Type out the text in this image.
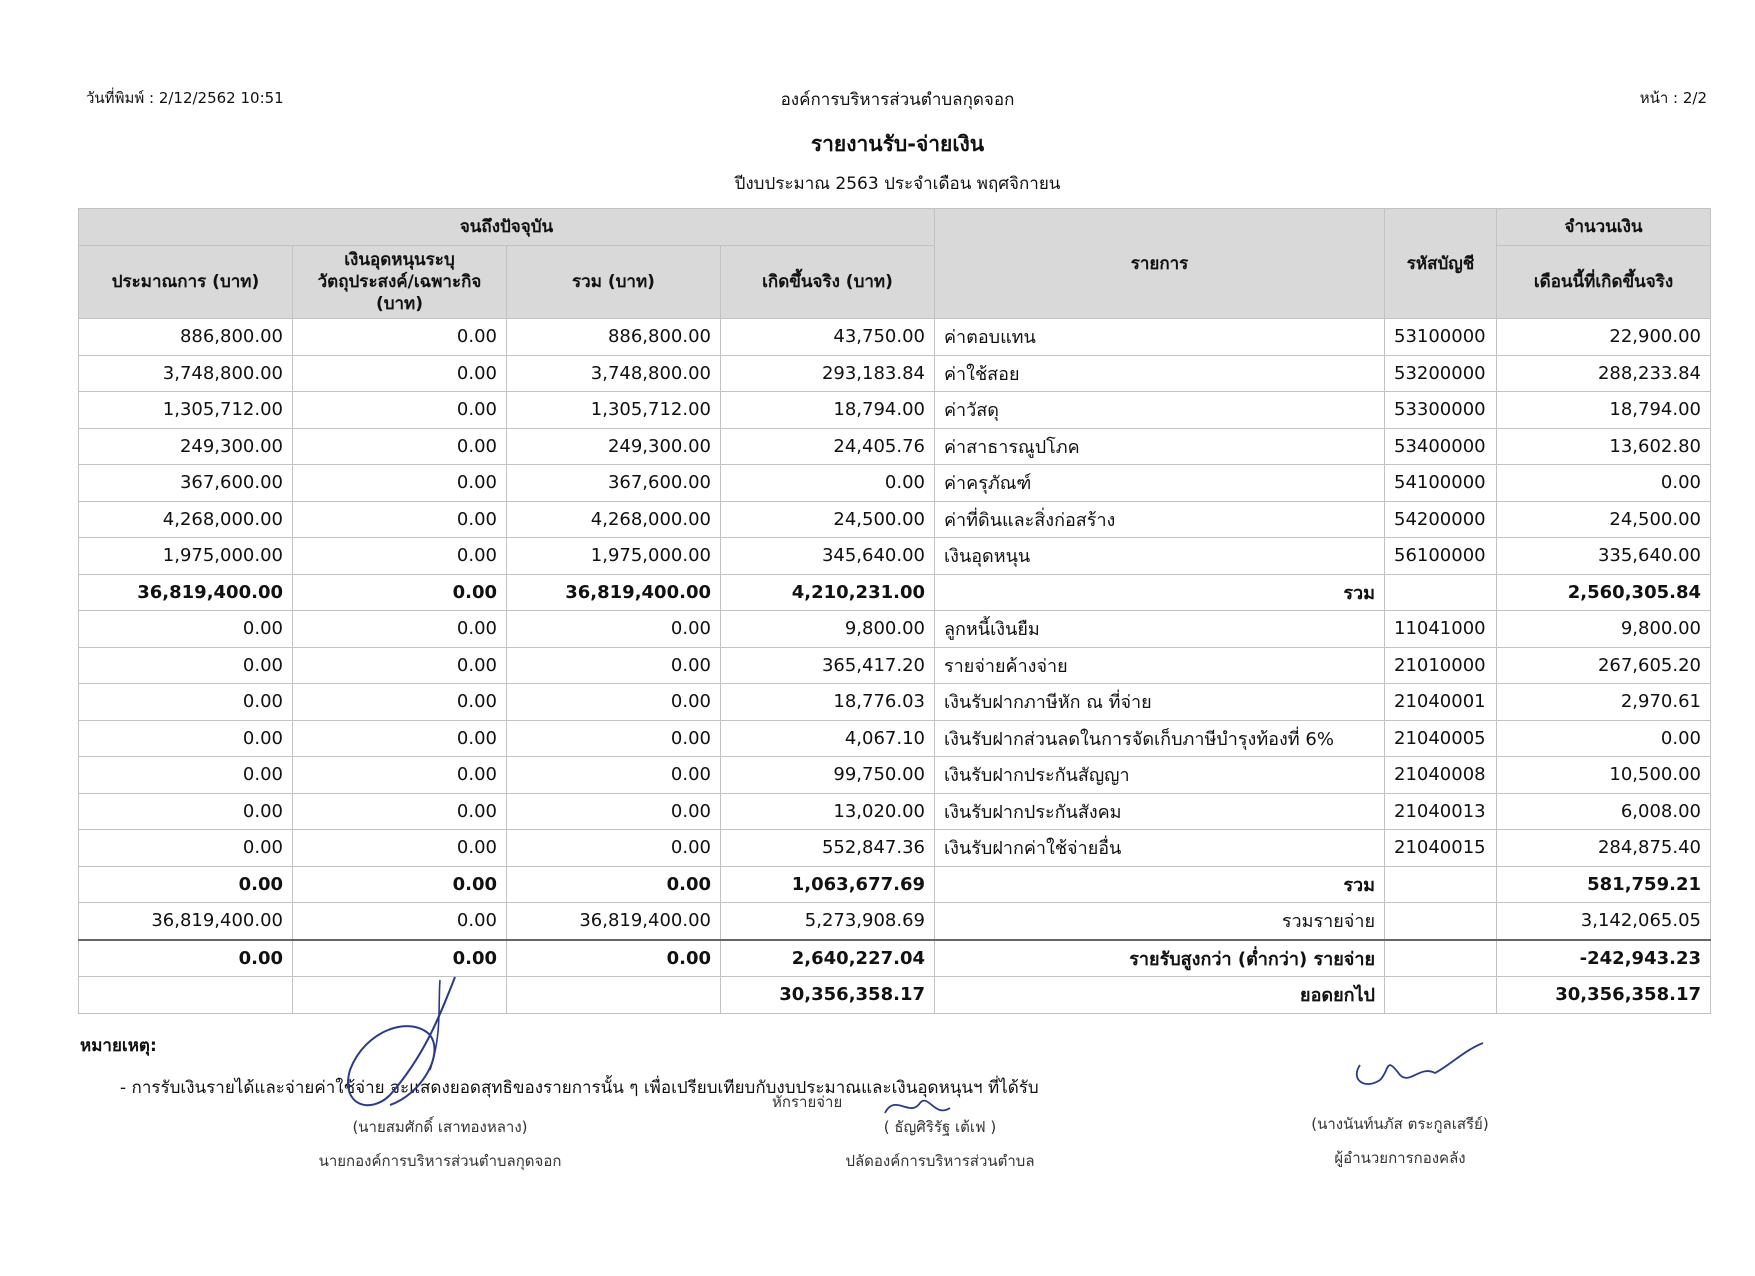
วันที่พิมพ์ : 2/12/2562 10:51	องค์การบริหารส่วนตำบลกุดจอก	หน้า : 2/2
รายงานรับ-จ่ายเงิน
ปีงบประมาณ 2563 ประจำเดือน พฤศจิกายน
จนถึงปัจจุบัน				รายการ	รหัสบัญชี	จำนวนเงิน
ประมาณการ (บาท)	เงินอุดหนุนระบุวัตถุประสงค์/เฉพาะกิจ (บาท)	รวม (บาท)	เกิดขึ้นจริง (บาท)			เดือนนี้ที่เกิดขึ้นจริง
886,800.00	0.00	886,800.00	43,750.00	ค่าตอบแทน	53100000	22,900.00
3,748,800.00	0.00	3,748,800.00	293,183.84	ค่าใช้สอย	53200000	288,233.84
1,305,712.00	0.00	1,305,712.00	18,794.00	ค่าวัสดุ	53300000	18,794.00
249,300.00	0.00	249,300.00	24,405.76	ค่าสาธารณูปโภค	53400000	13,602.80
367,600.00	0.00	367,600.00	0.00	ค่าครุภัณฑ์	54100000	0.00
4,268,000.00	0.00	4,268,000.00	24,500.00	ค่าที่ดินและสิ่งก่อสร้าง	54200000	24,500.00
1,975,000.00	0.00	1,975,000.00	345,640.00	เงินอุดหนุน	56100000	335,640.00
36,819,400.00	0.00	36,819,400.00	4,210,231.00	รวม		2,560,305.84
0.00	0.00	0.00	9,800.00	ลูกหนี้เงินยืม	11041000	9,800.00
0.00	0.00	0.00	365,417.20	รายจ่ายค้างจ่าย	21010000	267,605.20
0.00	0.00	0.00	18,776.03	เงินรับฝากภาษีหัก ณ ที่จ่าย	21040001	2,970.61
0.00	0.00	0.00	4,067.10	เงินรับฝากส่วนลดในการจัดเก็บภาษีบำรุงท้องที่ 6%	21040005	0.00
0.00	0.00	0.00	99,750.00	เงินรับฝากประกันสัญญา	21040008	10,500.00
0.00	0.00	0.00	13,020.00	เงินรับฝากประกันสังคม	21040013	6,008.00
0.00	0.00	0.00	552,847.36	เงินรับฝากค่าใช้จ่ายอื่น	21040015	284,875.40
0.00	0.00	0.00	1,063,677.69	รวม		581,759.21
36,819,400.00	0.00	36,819,400.00	5,273,908.69	รวมรายจ่าย		3,142,065.05
0.00	0.00	0.00	2,640,227.04	รายรับสูงกว่า (ต่ำกว่า) รายจ่าย		-242,943.23
			30,356,358.17	ยอดยกไป		30,356,358.17
หมายเหตุ:
- การรับเงินรายได้และจ่ายค่าใช้จ่าย จะแสดงยอดสุทธิของรายการนั้น ๆ เพื่อเปรียบเทียบกับงบประมาณและเงินอุดหนุนฯ ที่ได้รับ
หักรายจ่าย
(นายสมศักดิ์ เสาทองหลาง)
นายกองค์การบริหารส่วนตำบลกุดจอก
( ธัญศิริรัฐ เต้เฟ )
ปลัดองค์การบริหารส่วนตำบล
(นางนันท์นภัส ตระกูลเสรีย์)
ผู้อำนวยการกองคลัง
